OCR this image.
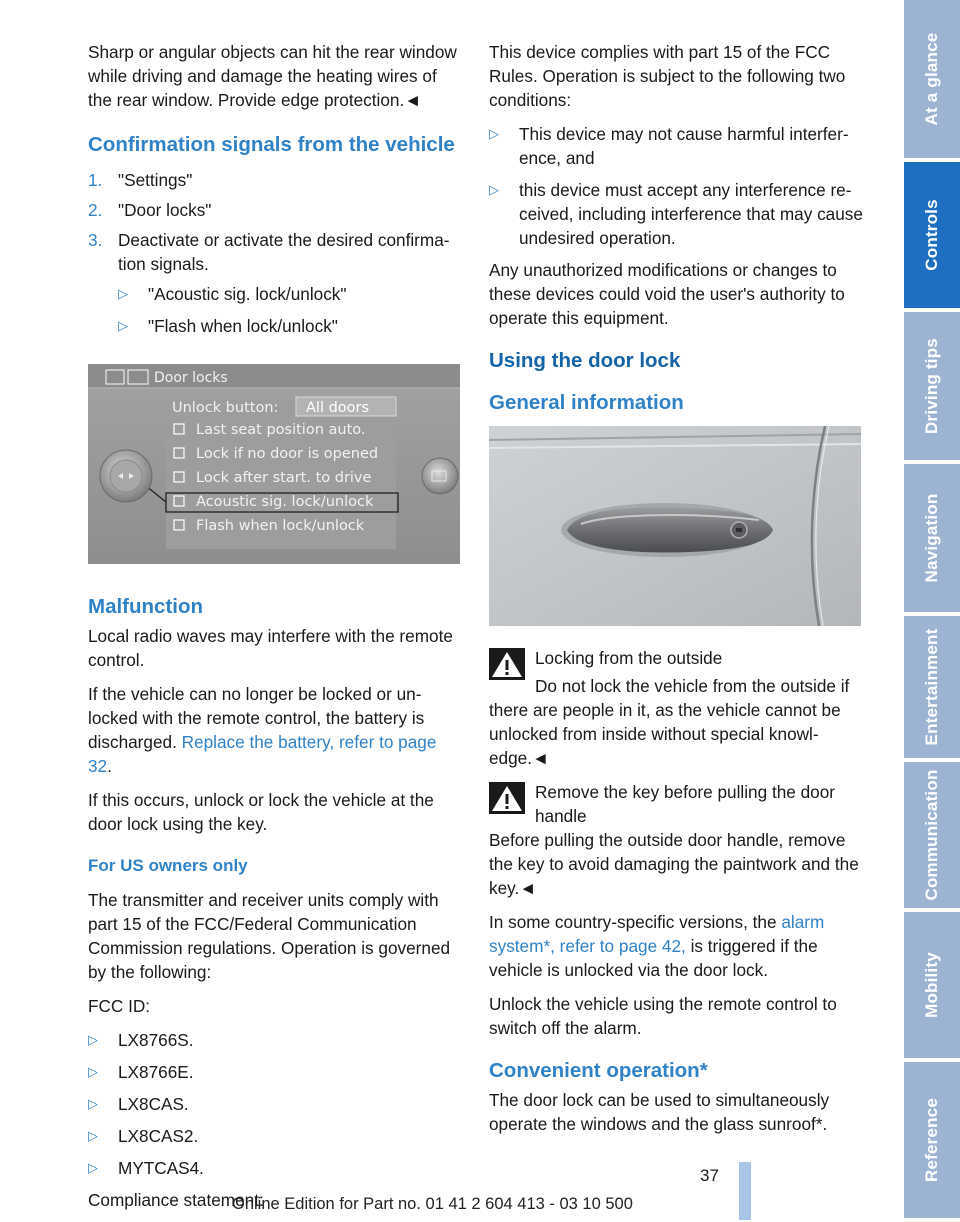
Sharp or angular objects can hit the rear window while driving and damage the heating wires of the rear window. Provide edge protection.◄

Confirmation signals from the vehicle
1. "Settings"
2. "Door locks"
3. Deactivate or activate the desired confirma-tion signals.
▷ "Acoustic sig. lock/unlock"
▷ "Flash when lock/unlock"
Door locks
Unlock button: All doors
Last seat position auto.
Lock if no door is opened
Lock after start. to drive
Acoustic sig. lock/unlock
Flash when lock/unlock
Malfunction

Local radio waves may interfere with the remote control.

If the vehicle can no longer be locked or un-locked with the remote control, the battery is discharged. Replace the battery, refer to page 32.

If this occurs, unlock or lock the vehicle at the door lock using the key.

For US owners only

The transmitter and receiver units comply with part 15 of the FCC/Federal Communication Commission regulations. Operation is governed by the following:

FCC ID:

▷ LX8766S.
▷ LX8766E.
▷ LX8CAS.
▷ LX8CAS2.
▷ MYTCAS4.

Compliance statement:

This device complies with part 15 of the FCC Rules. Operation is subject to the following two conditions:

▷ This device may not cause harmful interfer-ence, and
▷ this device must accept any interference re-ceived, including interference that may cause undesired operation.

Any unauthorized modifications or changes to these devices could void the user's authority to operate this equipment.

Using the door lock
General information

Locking from the outside

Do not lock the vehicle from the outside if there are people in it, as the vehicle cannot be unlocked from inside without special knowl-edge.◄

Remove the key before pulling the door handle

Before pulling the outside door handle, remove the key to avoid damaging the paintwork and the key.◄

In some country-specific versions, the alarm system*, refer to page 42, is triggered if the vehicle is unlocked via the door lock.

Unlock the vehicle using the remote control to switch off the alarm.

Convenient operation*

The door lock can be used to simultaneously operate the windows and the glass sunroof*.

At a glance
Controls
Driving tips
Navigation
Entertainment
Communication
Mobility
Reference
37
Online Edition for Part no. 01 41 2 604 413 - 03 10 500
